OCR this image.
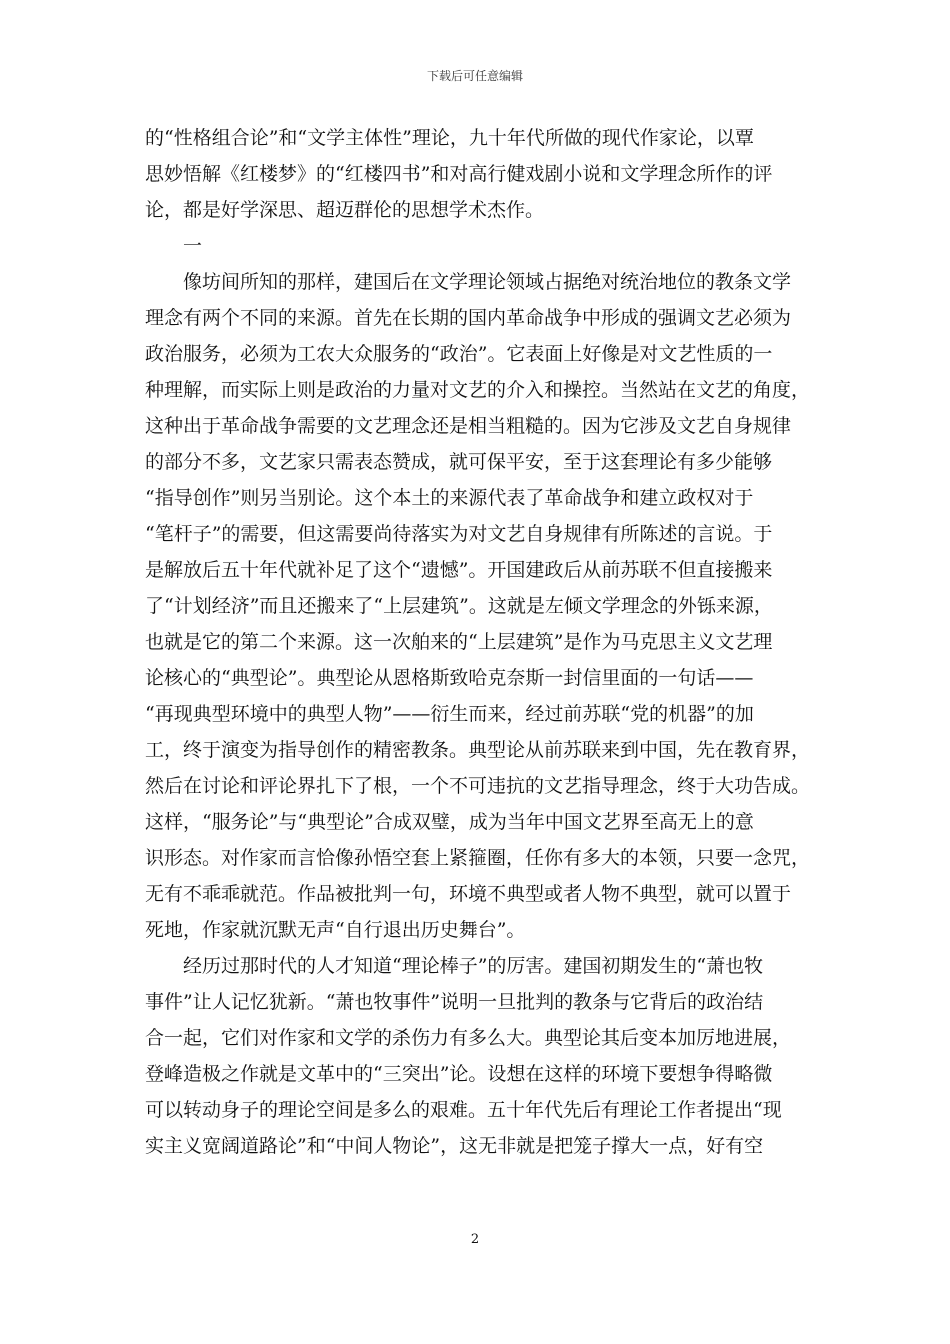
下载后可任意编辑
的“性格组合论”和“文学主体性”理论，九十年代所做的现代作家论，以覃
思妙悟解《红楼梦》的“红楼四书”和对高行健戏剧小说和文学理念所作的评
论，都是好学深思、超迈群伦的思想学术杰作。
　　一
　　像坊间所知的那样，建国后在文学理论领域占据绝对统治地位的教条文学
理念有两个不同的来源。首先在长期的国内革命战争中形成的强调文艺必须为
政治服务，必须为工农大众服务的“政治”。它表面上好像是对文艺性质的一
种理解，而实际上则是政治的力量对文艺的介入和操控。当然站在文艺的角度，
这种出于革命战争需要的文艺理念还是相当粗糙的。因为它涉及文艺自身规律
的部分不多，文艺家只需表态赞成，就可保平安，至于这套理论有多少能够
“指导创作”则另当别论。这个本土的来源代表了革命战争和建立政权对于
“笔杆子”的需要，但这需要尚待落实为对文艺自身规律有所陈述的言说。于
是解放后五十年代就补足了这个“遗憾”。开国建政后从前苏联不但直接搬来
了“计划经济”而且还搬来了“上层建筑”。这就是左倾文学理念的外铄来源，
也就是它的第二个来源。这一次舶来的“上层建筑”是作为马克思主义文艺理
论核心的“典型论”。典型论从恩格斯致哈克奈斯一封信里面的一句话——
“再现典型环境中的典型人物”——衍生而来，经过前苏联“党的机器”的加
工，终于演变为指导创作的精密教条。典型论从前苏联来到中国，先在教育界，
然后在讨论和评论界扎下了根，一个不可违抗的文艺指导理念，终于大功告成。
这样，“服务论”与“典型论”合成双璧，成为当年中国文艺界至高无上的意
识形态。对作家而言恰像孙悟空套上紧箍圈，任你有多大的本领，只要一念咒，
无有不乖乖就范。作品被批判一句，环境不典型或者人物不典型，就可以置于
死地，作家就沉默无声“自行退出历史舞台”。
　　经历过那时代的人才知道“理论棒子”的厉害。建国初期发生的“萧也牧
事件”让人记忆犹新。“萧也牧事件”说明一旦批判的教条与它背后的政治结
合一起，它们对作家和文学的杀伤力有多么大。典型论其后变本加厉地进展，
登峰造极之作就是文革中的“三突出”论。设想在这样的环境下要想争得略微
可以转动身子的理论空间是多么的艰难。五十年代先后有理论工作者提出“现
实主义宽阔道路论”和“中间人物论”，这无非就是把笼子撑大一点，好有空
2
